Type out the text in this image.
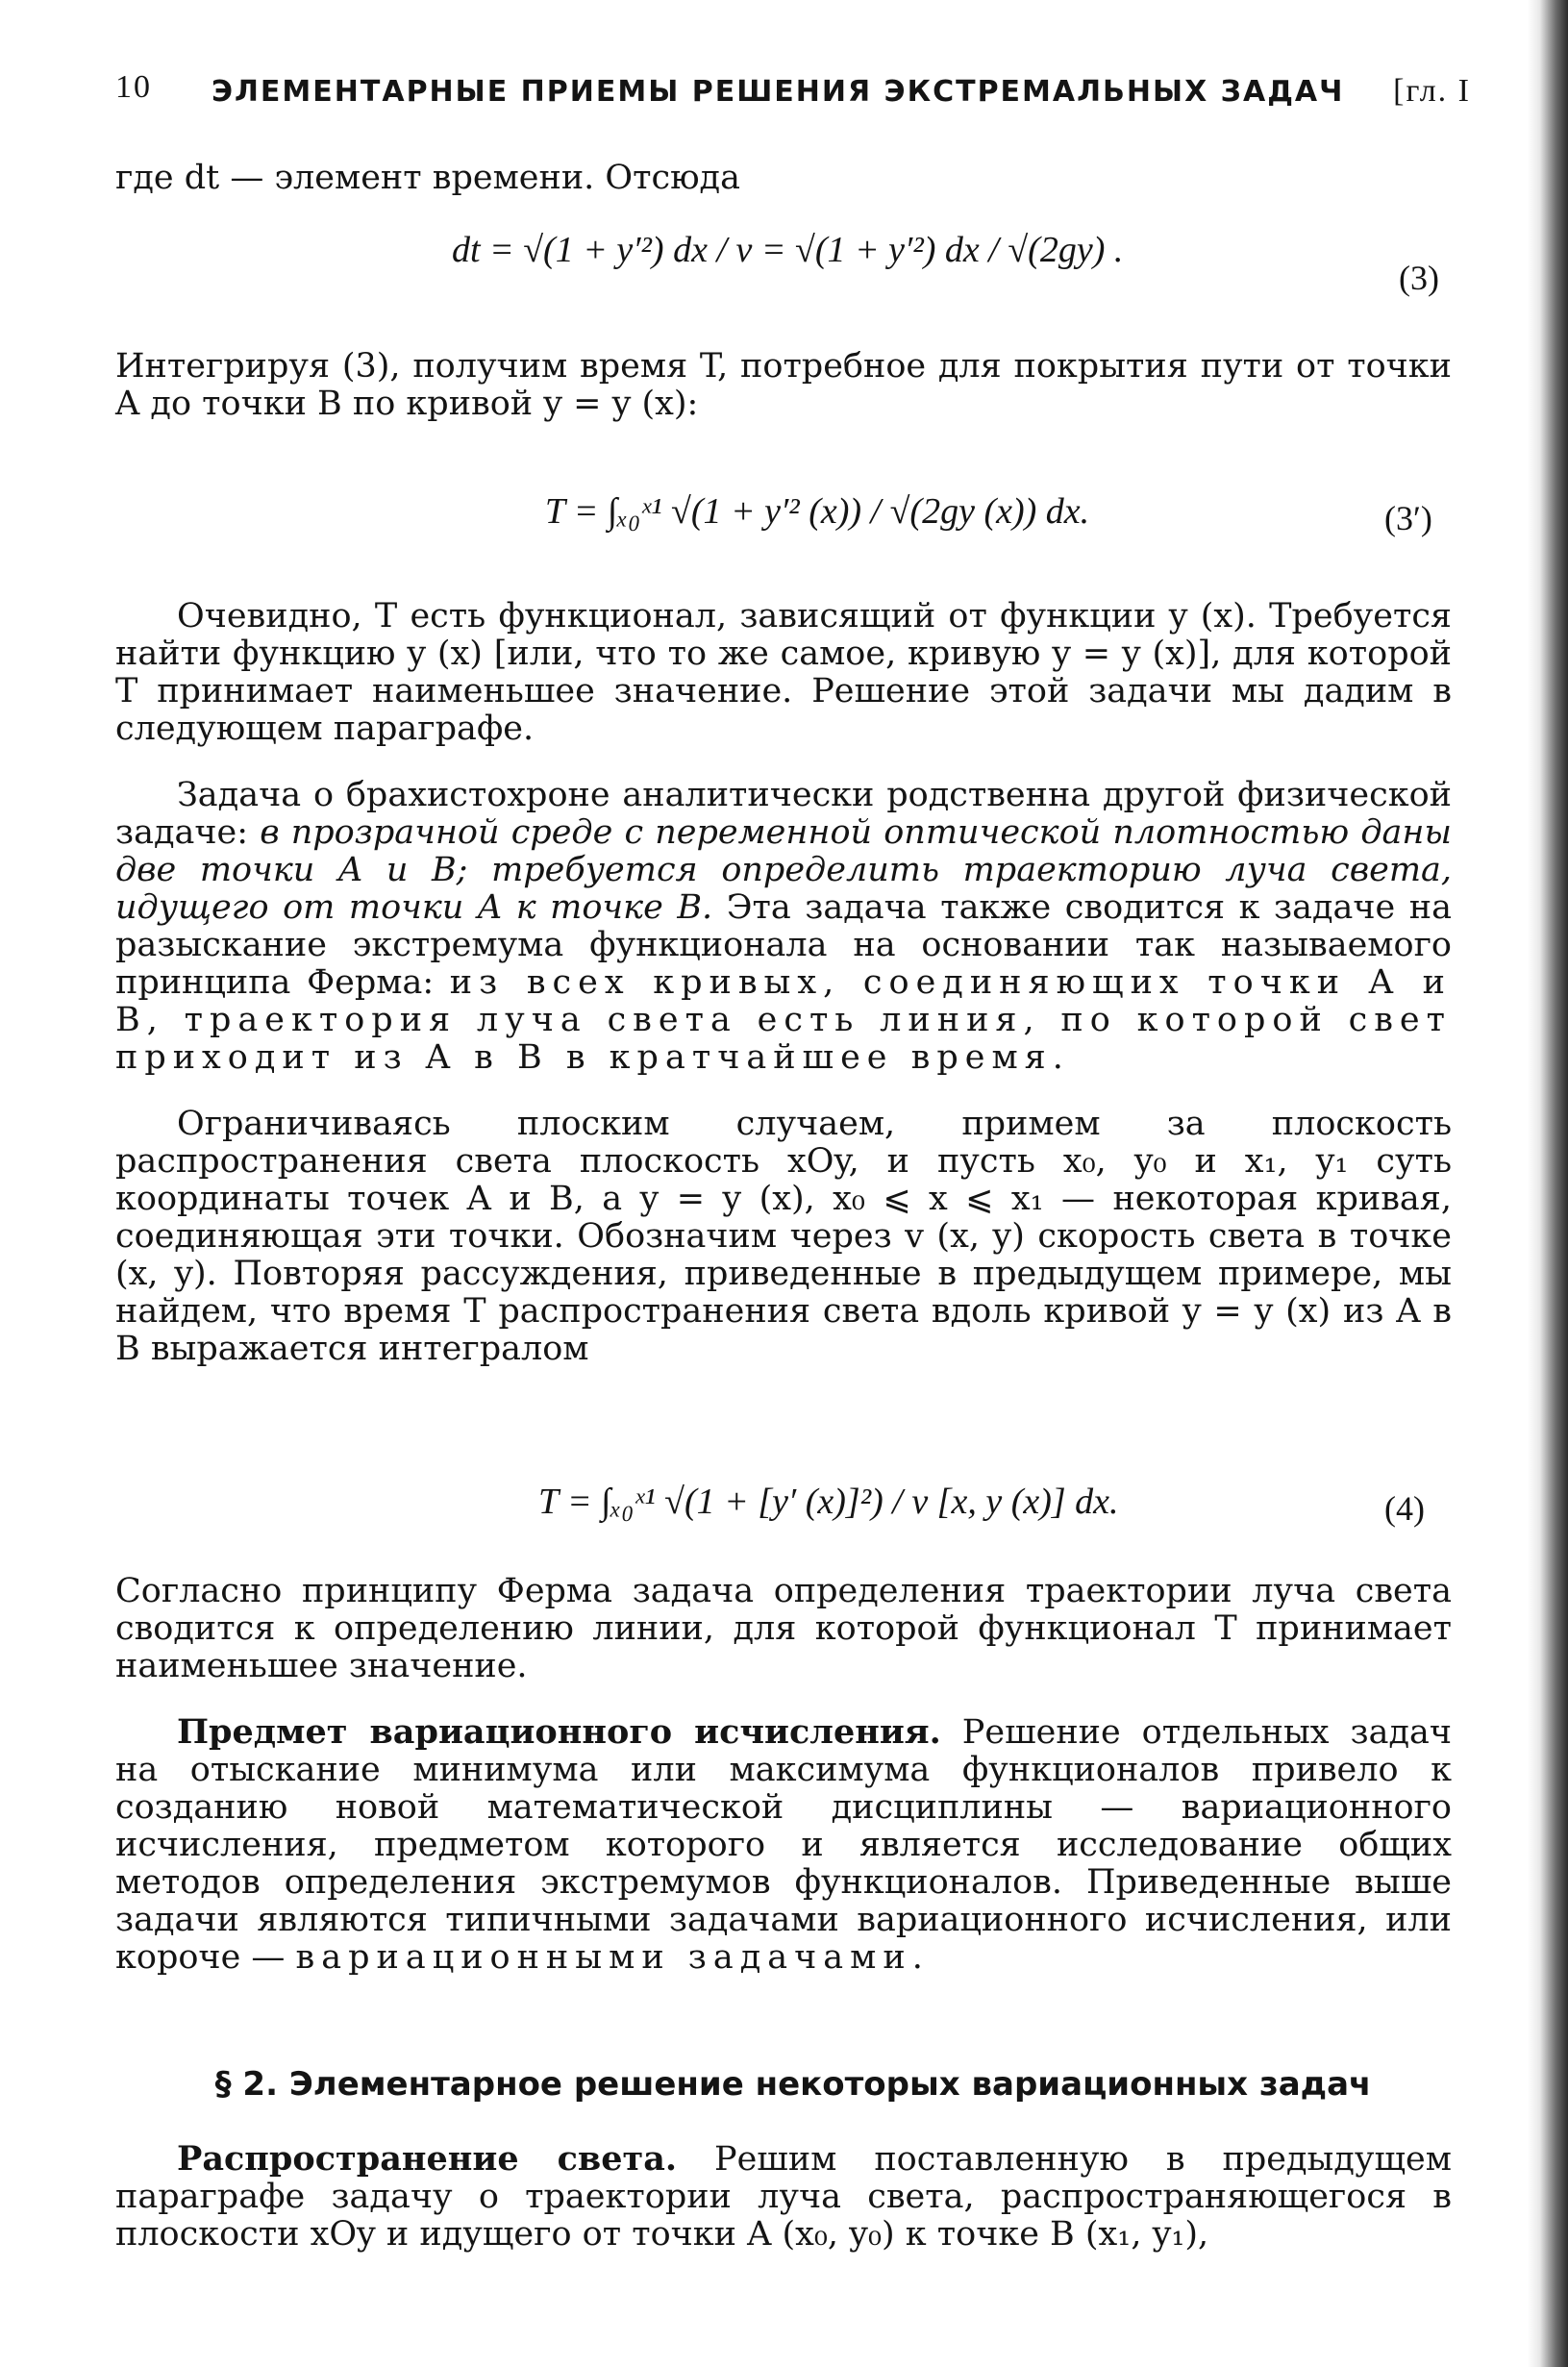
10 ЭЛЕМЕНТАРНЫЕ ПРИЕМЫ РЕШЕНИЯ ЭКСТРЕМАЛЬНЫХ ЗАДАЧ [гл. I
где dt — элемент времени. Отсюда
dt = √(1 + y′²) dx / v = √(1 + y′²) dx / √(2gy) .
(3)
Интегрируя (3), получим время T, потребное для покрытия пути от точки A до точки B по кривой y = y (x):
T = ∫ₓ₀ˣ¹ √(1 + y′² (x)) / √(2gy (x)) dx.	(3′)
Очевидно, T есть функционал, зависящий от функции y (x). Требуется найти функцию y (x) [или, что то же самое, кривую y = y (x)], для которой T принимает наименьшее значение. Решение этой задачи мы дадим в следующем параграфе.
Задача о брахистохроне аналитически родственна другой физической задаче: в прозрачной среде с переменной оптической плотностью даны две точки A и B; требуется определить траекторию луча света, идущего от точки A к точке B. Эта задача также сводится к задаче на разыскание экстремума функционала на основании так называемого принципа Ферма: из всех кривых, соединяющих точки A и B, траектория луча света есть линия, по которой свет приходит из A в B в кратчайшее время.
Ограничиваясь плоским случаем, примем за плоскость распространения света плоскость xOy, и пусть x₀, y₀ и x₁, y₁ суть координаты точек A и B, а y = y (x), x₀ ⩽ x ⩽ x₁ — некоторая кривая, соединяющая эти точки. Обозначим через v (x, y) скорость света в точке (x, y). Повторяя рассуждения, приведенные в предыдущем примере, мы найдем, что время T распространения света вдоль кривой y = y (x) из A в B выражается интегралом
T = ∫ₓ₀ˣ¹ √(1 + [y′ (x)]²) / v [x, y (x)] dx.	(4)
Согласно принципу Ферма задача определения траектории луча света сводится к определению линии, для которой функционал T принимает наименьшее значение.
Предмет вариационного исчисления. Решение отдельных задач на отыскание минимума или максимума функционалов привело к созданию новой математической дисциплины — вариационного исчисления, предметом которого и является исследование общих методов определения экстремумов функционалов. Приведенные выше задачи являются типичными задачами вариационного исчисления, или короче — вариационными задачами.
§ 2. Элементарное решение некоторых вариационных задач
Распространение света. Решим поставленную в предыдущем параграфе задачу о траектории луча света, распространяющегося в плоскости xOy и идущего от точки A (x₀, y₀) к точке B (x₁, y₁),
